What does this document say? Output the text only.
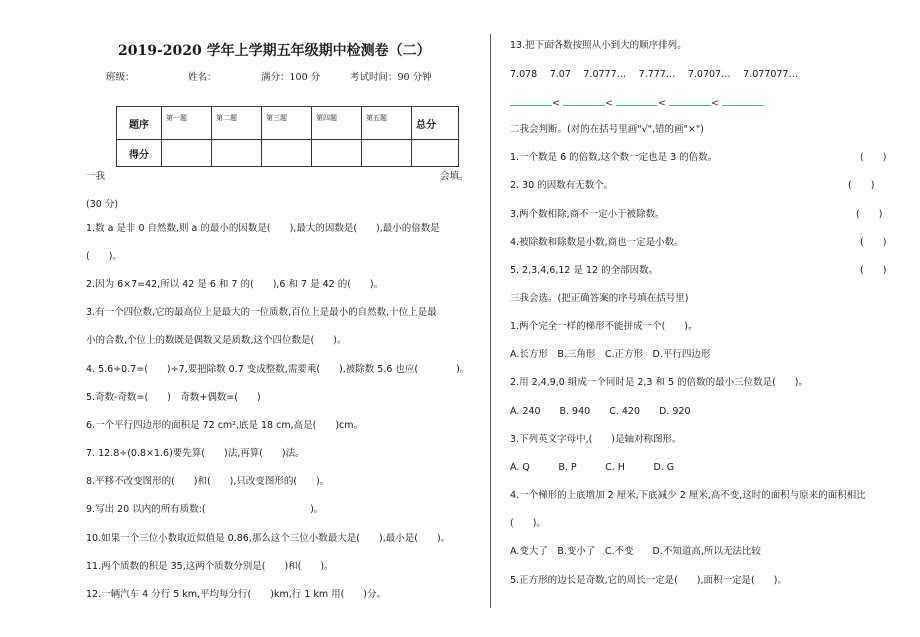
2019-2020 学年上学期五年级期中检测卷（二）
班级：	姓名：	满分：100 分	考试时间：90 分钟
题序	第一题	第二题	第三题	第四题	第五题	总分
得分						
一我	会填。
(30 分)
1.数 a 是非 0 自然数,则 a 的最小的因数是(　　),最大的因数是(　　),最小的倍数是
(　　)。
2.因为 6×7=42,所以 42 是 6 和 7 的(　　),6 和 7 是 42 的(　　)。
3.有一个四位数,它的最高位上是最大的一位质数,百位上是最小的自然数,十位上是最
小的合数,个位上的数既是偶数又是质数,这个四位数是(　　)。
4. 5.6÷0.7=(　　)÷7,要把除数 0.7 变成整数,需要乘(　　),被除数 5.6 也应(　　　　)。
5.奇数-奇数=(　　)　奇数+偶数=(　　)
6.一个平行四边形的面积是 72 cm²,底是 18 cm,高是(　　)cm。
7. 12.8÷(0.8×1.6)要先算(　　)法,再算(　　)法。
8.平移不改变图形的(　　)和(　　),只改变图形的(　　)。
9.写出 20 以内的所有质数:(　　　　　　　　　　　)。
10.如果一个三位小数取近似值是 0.86,那么这个三位小数最大是(　　),最小是(　　)。
11.两个质数的积是 35,这两个质数分别是(　　)和(　　)。
12.一辆汽车 4 分行 5 km,平均每分行(　　)km,行 1 km 用(　　)分。
13.把下面各数按照从小到大的顺序排列。
7.078　 7.07　 7.0777…　 7.777…　 7.0707…　 7.077077…
<	<	<	<
二我会判断。(对的在括号里画"√",错的画"×")
1.一个数是 6 的倍数,这个数一定也是 3 的倍数。	(　　)
2. 30 的因数有无数个。	(　　)
3.两个数相除,商不一定小于被除数。	(　　)
4.被除数和除数是小数,商也一定是小数。	(　　)
5. 2,3,4,6,12 是 12 的全部因数。	(　　)
三我会选。(把正确答案的序号填在括号里)
1.两个完全一样的梯形不能拼成一个(　　)。
A.长方形　B.三角形　C.正方形　D.平行四边形
2.用 2,4,9,0 组成一个同时是 2,3 和 5 的倍数的最小三位数是(　　)。
A. 240　　B. 940　　C. 420　　D. 920
3.下列英文字母中,(　　)是轴对称图形。
A. Q　　　B. P　　　C. H　　　D. G
4.一个梯形的上底增加 2 厘米,下底减少 2 厘米,高不变,这时的面积与原来的面积相比
(　　)。
A.变大了　B.变小了　C.不变　　D.不知道高,所以无法比较
5.正方形的边长是奇数,它的周长一定是(　　),面积一定是(　　)。
